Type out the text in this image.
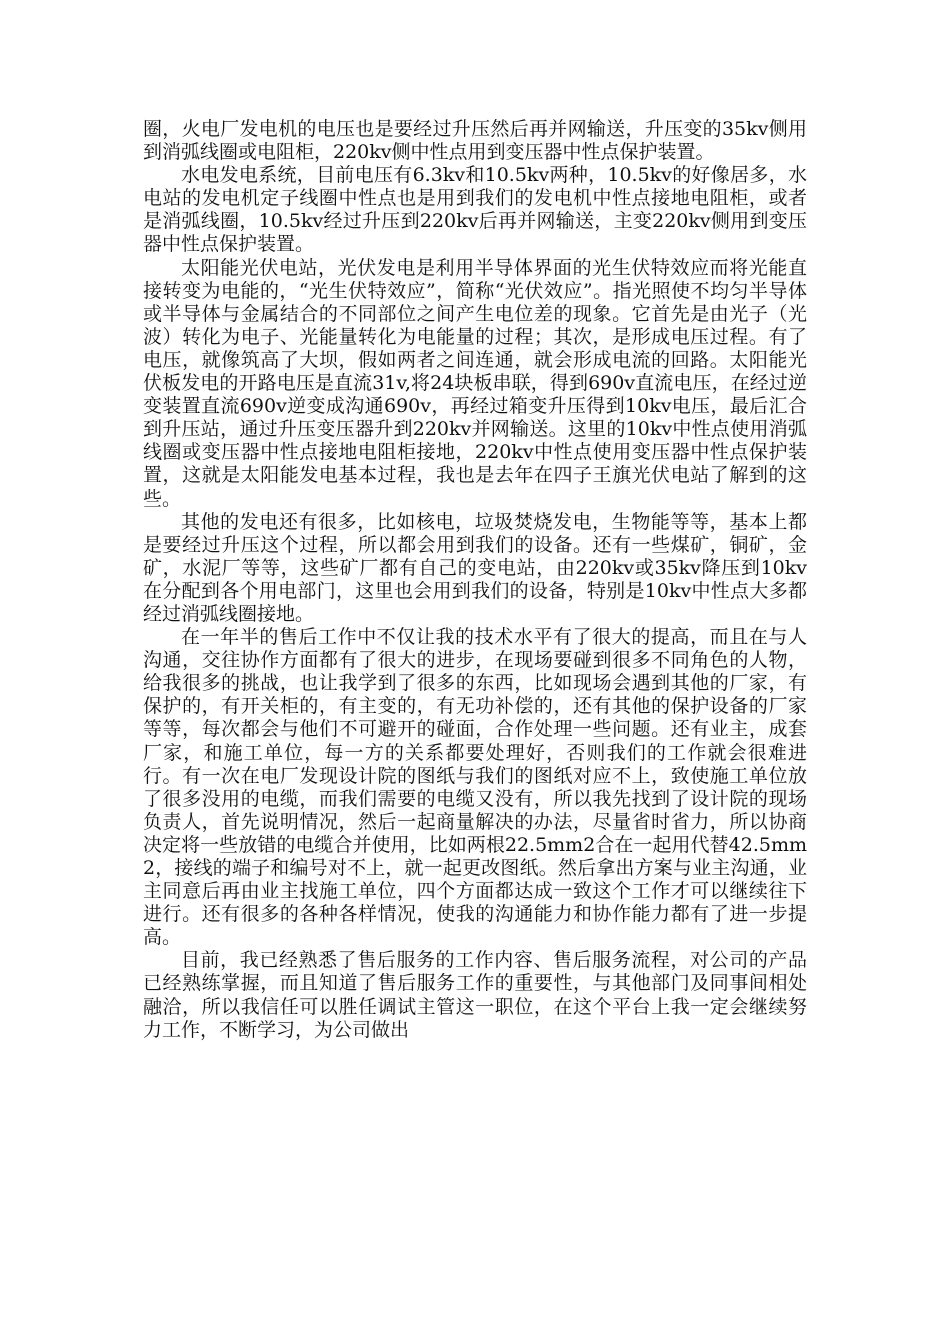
圈，火电厂发电机的电压也是要经过升压然后再并网输送，升压变的35kv侧用到消弧线圈或电阻柜，220kv侧中性点用到变压器中性点保护装置。

水电发电系统，目前电压有6.3kv和10.5kv两种，10.5kv的好像居多，水电站的发电机定子线圈中性点也是用到我们的发电机中性点接地电阻柜，或者是消弧线圈，10.5kv经过升压到220kv后再并网输送，主变220kv侧用到变压器中性点保护装置。

太阳能光伏电站，光伏发电是利用半导体界面的光生伏特效应而将光能直接转变为电能的，“光生伏特效应”，简称“光伏效应”。指光照使不均匀半导体或半导体与金属结合的不同部位之间产生电位差的现象。它首先是由光子（光波）转化为电子、光能量转化为电能量的过程；其次，是形成电压过程。有了电压，就像筑高了大坝，假如两者之间连通，就会形成电流的回路。太阳能光伏板发电的开路电压是直流31v,将24块板串联，得到690v直流电压，在经过逆变装置直流690v逆变成沟通690v，再经过箱变升压得到10kv电压，最后汇合到升压站，通过升压变压器升到220kv并网输送。这里的10kv中性点使用消弧线圈或变压器中性点接地电阻柜接地，220kv中性点使用变压器中性点保护装置，这就是太阳能发电基本过程，我也是去年在四子王旗光伏电站了解到的这些。

其他的发电还有很多，比如核电，垃圾焚烧发电，生物能等等，基本上都是要经过升压这个过程，所以都会用到我们的设备。还有一些煤矿，铜矿，金矿，水泥厂等等，这些矿厂都有自己的变电站，由220kv或35kv降压到10kv在分配到各个用电部门，这里也会用到我们的设备，特别是10kv中性点大多都经过消弧线圈接地。

在一年半的售后工作中不仅让我的技术水平有了很大的提高，而且在与人沟通，交往协作方面都有了很大的进步，在现场要碰到很多不同角色的人物，给我很多的挑战，也让我学到了很多的东西，比如现场会遇到其他的厂家，有保护的，有开关柜的，有主变的，有无功补偿的，还有其他的保护设备的厂家等等，每次都会与他们不可避开的碰面，合作处理一些问题。还有业主，成套厂家，和施工单位，每一方的关系都要处理好，否则我们的工作就会很难进行。有一次在电厂发现设计院的图纸与我们的图纸对应不上，致使施工单位放了很多没用的电缆，而我们需要的电缆又没有，所以我先找到了设计院的现场负责人，首先说明情况，然后一起商量解决的办法，尽量省时省力，所以协商决定将一些放错的电缆合并使用，比如两根22.5mm2合在一起用代替42.5mm2，接线的端子和编号对不上，就一起更改图纸。然后拿出方案与业主沟通，业主同意后再由业主找施工单位，四个方面都达成一致这个工作才可以继续往下进行。还有很多的各种各样情况，使我的沟通能力和协作能力都有了进一步提高。

目前，我已经熟悉了售后服务的工作内容、售后服务流程，对公司的产品已经熟练掌握，而且知道了售后服务工作的重要性，与其他部门及同事间相处融洽，所以我信任可以胜任调试主管这一职位，在这个平台上我一定会继续努力工作，不断学习，为公司做出
